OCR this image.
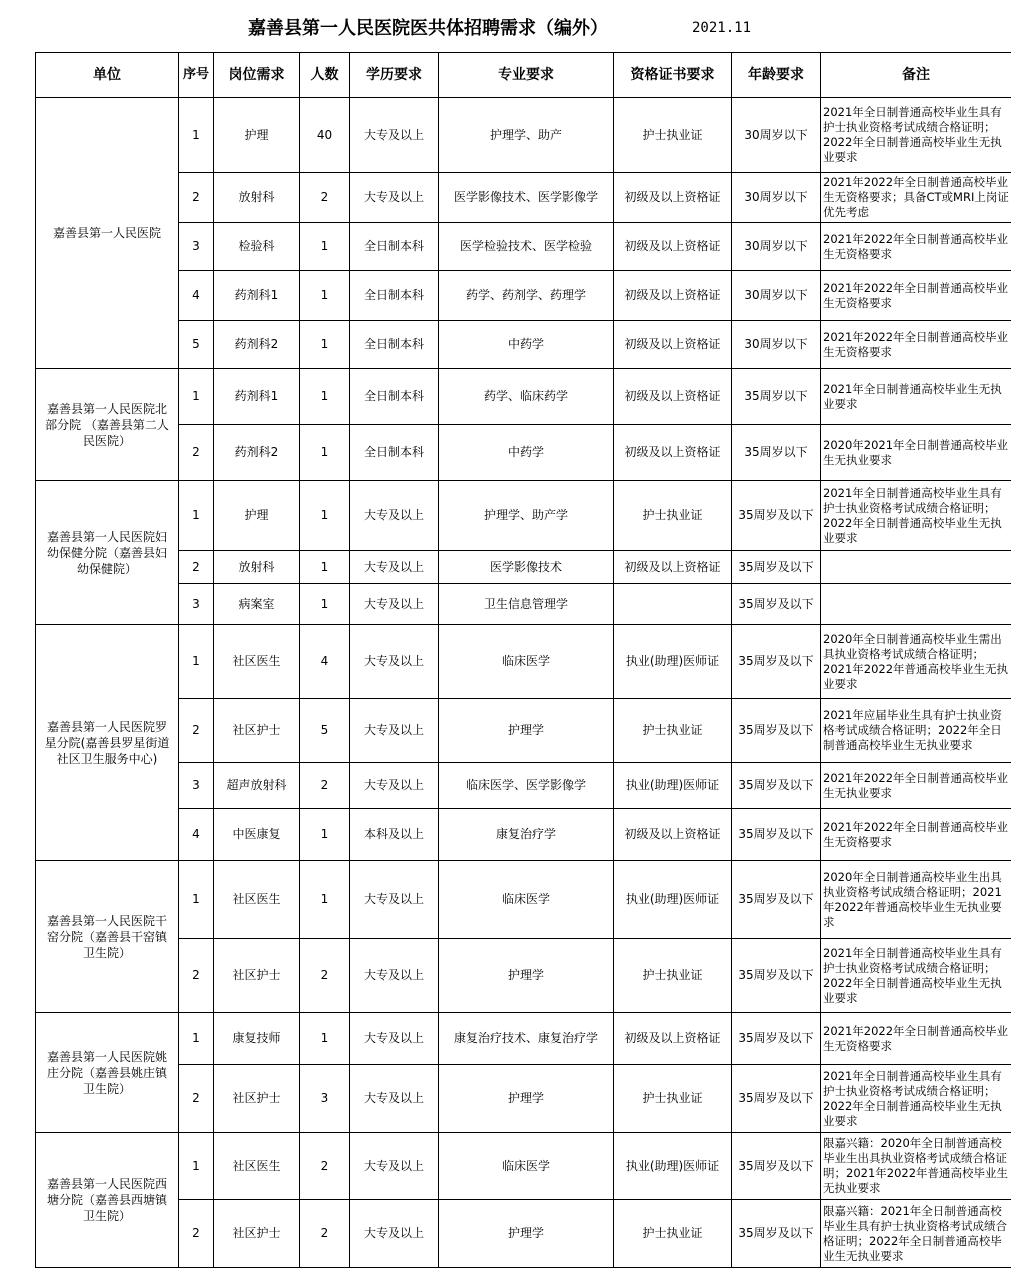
嘉善县第一人民医院医共体招聘需求（编外）	2021.11
单位	序号	岗位需求	人数	学历要求	专业要求	资格证书要求	年龄要求	备注
嘉善县第一人民医院	1	护理	40	大专及以上	护理学、助产	护士执业证	30周岁以下	2021年全日制普通高校毕业生具有护士执业资格考试成绩合格证明；2022年全日制普通高校毕业生无执业要求
	2	放射科	2	大专及以上	医学影像技术、医学影像学	初级及以上资格证	30周岁以下	2021年2022年全日制普通高校毕业生无资格要求；具备CT或MRI上岗证优先考虑
	3	检验科	1	全日制本科	医学检验技术、医学检验	初级及以上资格证	30周岁以下	2021年2022年全日制普通高校毕业生无资格要求
	4	药剂科1	1	全日制本科	药学、药剂学、药理学	初级及以上资格证	30周岁以下	2021年2022年全日制普通高校毕业生无资格要求
	5	药剂科2	1	全日制本科	中药学	初级及以上资格证	30周岁以下	2021年2022年全日制普通高校毕业生无资格要求
嘉善县第一人民医院北部分院 （嘉善县第二人民医院）	1	药剂科1	1	全日制本科	药学、临床药学	初级及以上资格证	35周岁以下	2021年全日制普通高校毕业生无执业要求
	2	药剂科2	1	全日制本科	中药学	初级及以上资格证	35周岁以下	2020年2021年全日制普通高校毕业生无执业要求
嘉善县第一人民医院妇幼保健分院（嘉善县妇幼保健院）	1	护理	1	大专及以上	护理学、助产学	护士执业证	35周岁及以下	2021年全日制普通高校毕业生具有护士执业资格考试成绩合格证明；2022年全日制普通高校毕业生无执业要求
	2	放射科	1	大专及以上	医学影像技术	初级及以上资格证	35周岁及以下	
	3	病案室	1	大专及以上	卫生信息管理学		35周岁及以下	
嘉善县第一人民医院罗星分院(嘉善县罗星街道社区卫生服务中心)	1	社区医生	4	大专及以上	临床医学	执业(助理)医师证	35周岁及以下	2020年全日制普通高校毕业生需出具执业资格考试成绩合格证明；2021年2022年普通高校毕业生无执业要求
	2	社区护士	5	大专及以上	护理学	护士执业证	35周岁及以下	2021年应届毕业生具有护士执业资格考试成绩合格证明；2022年全日制普通高校毕业生无执业要求
	3	超声放射科	2	大专及以上	临床医学、医学影像学	执业(助理)医师证	35周岁及以下	2021年2022年全日制普通高校毕业生无执业要求
	4	中医康复	1	本科及以上	康复治疗学	初级及以上资格证	35周岁及以下	2021年2022年全日制普通高校毕业生无资格要求
嘉善县第一人民医院干窑分院（嘉善县干窑镇卫生院）	1	社区医生	1	大专及以上	临床医学	执业(助理)医师证	35周岁及以下	2020年全日制普通高校毕业生出具执业资格考试成绩合格证明；2021年2022年普通高校毕业生无执业要求
	2	社区护士	2	大专及以上	护理学	护士执业证	35周岁及以下	2021年全日制普通高校毕业生具有护士执业资格考试成绩合格证明；2022年全日制普通高校毕业生无执业要求
嘉善县第一人民医院姚庄分院（嘉善县姚庄镇卫生院）	1	康复技师	1	大专及以上	康复治疗技术、康复治疗学	初级及以上资格证	35周岁及以下	2021年2022年全日制普通高校毕业生无资格要求
	2	社区护士	3	大专及以上	护理学	护士执业证	35周岁及以下	2021年全日制普通高校毕业生具有护士执业资格考试成绩合格证明；2022年全日制普通高校毕业生无执业要求
嘉善县第一人民医院西塘分院（嘉善县西塘镇卫生院）	1	社区医生	2	大专及以上	临床医学	执业(助理)医师证	35周岁及以下	限嘉兴籍：2020年全日制普通高校毕业生出具执业资格考试成绩合格证明；2021年2022年普通高校毕业生无执业要求
	2	社区护士	2	大专及以上	护理学	护士执业证	35周岁及以下	限嘉兴籍：2021年全日制普通高校毕业生具有护士执业资格考试成绩合格证明；2022年全日制普通高校毕业生无执业要求
